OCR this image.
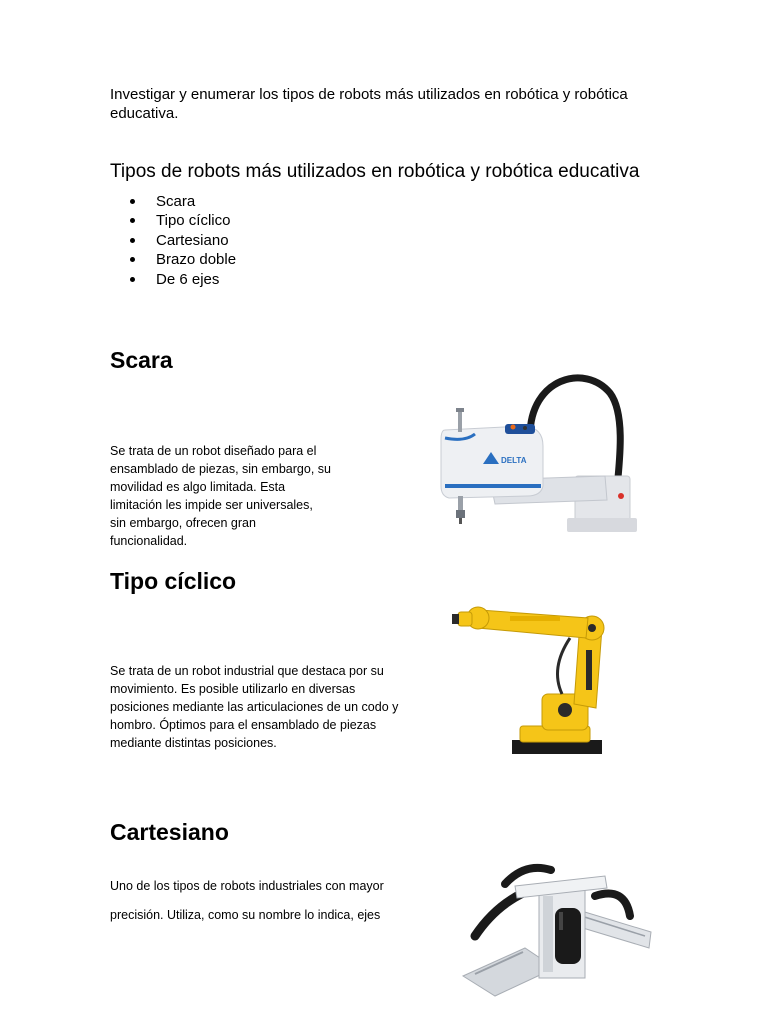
Investigar y enumerar los tipos de robots más utilizados en robótica y robótica educativa.
Tipos de robots más utilizados en robótica y robótica educativa
Scara
Tipo cíclico
Cartesiano
Brazo doble
De 6 ejes
Scara
Se trata de un robot diseñado para el ensamblado de piezas, sin embargo, su movilidad es algo limitada. Esta limitación les impide ser universales, sin embargo, ofrecen gran funcionalidad.
DELTA
Tipo cíclico
Se trata de un robot industrial que destaca por su movimiento. Es posible utilizarlo en diversas posiciones mediante las articulaciones de un codo y hombro. Óptimos para el ensamblado de piezas mediante distintas posiciones.
Cartesiano
Uno de los tipos de robots industriales con mayor
precisión. Utiliza, como su nombre lo indica, ejes
